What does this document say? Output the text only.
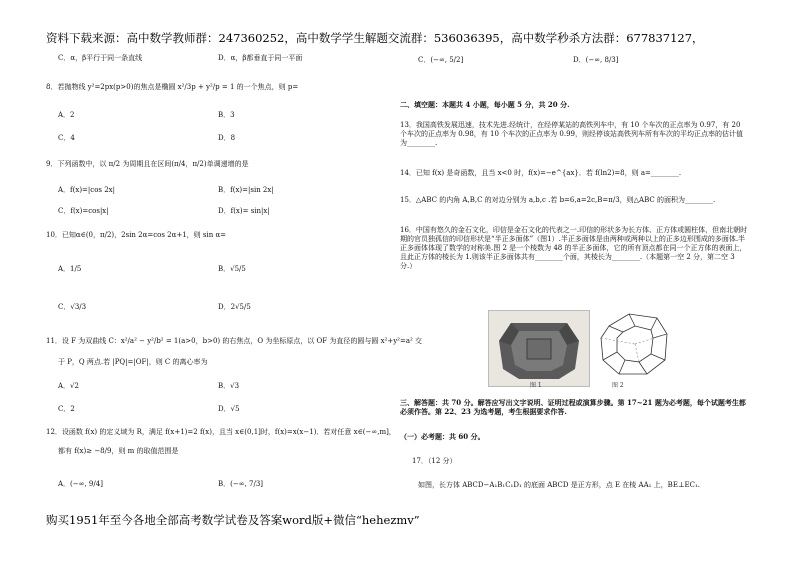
资料下载来源：高中数学教师群：247360252，高中数学学生解题交流群：536036395，高中数学秒杀方法群：677837127，
C．α，β平行于同一条直线	D．α，β都垂直于同一平面
8．若抛物线 y²=2px(p>0)的焦点是椭圆 x²/3p + y²/p = 1 的一个焦点，则 p=
A．2	B．3
C．4	D．8
9．下列函数中，以 π/2 为周期且在区间(π/4，π/2)单调递增的是
A．f(x)=|cos 2x|	B．f(x)=|sin 2x|
C．f(x)=cos|x|	D．f(x)= sin|x|
10．已知α∈(0，π/2)，2sin 2α=cos 2α+1，则 sin α=
A．1/5	B．√5/5
C．√3/3	D．2√5/5
11．设 F 为双曲线 C：x²/a² − y²/b² = 1(a>0，b>0) 的右焦点，O 为坐标原点，以 OF 为直径的圆与圆 x²+y²=a² 交
于 P，Q 两点.若 |PQ|=|OF|，则 C 的离心率为
A．√2	B．√3
C．2	D．√5
12．设函数 f(x) 的定义域为 R，满足 f(x+1)=2 f(x)，且当 x∈(0,1]时，f(x)=x(x−1)．若对任意 x∈(−∞,m]，
都有 f(x)≥ −8/9，则 m 的取值范围是
A．(−∞, 9/4]	B．(−∞, 7/3]
购买1951年至今各地全部高考数学试卷及答案word版+微信“hehezmv”
C．(−∞, 5/2]	D．(−∞, 8/3]
二、填空题：本题共 4 小题，每小题 5 分，共 20 分.
13．我国高铁发展迅速，技术先进.经统计，在经停某站的高铁列车中，有 10 个车次的正点率为 0.97，有 20 个车次的正点率为 0.98，有 10 个车次的正点率为 0.99，则经停该站高铁列车所有车次的平均正点率的估计值为________.
14．已知 f(x) 是奇函数，且当 x<0 时，f(x)=−e^{ax}．若 f(ln2)=8，则 a=________.
15．△ABC 的内角 A,B,C 的对边分别为 a,b,c .若 b=6,a=2c,B=π/3，则△ABC 的面积为________.
16．中国有悠久的金石文化，印信是金石文化的代表之一.印信的形状多为长方体、正方体或圆柱体，但南北朝时期的官员独孤信的印信形状是“半正多面体”（图1）.半正多面体是由两种或两种以上的正多边形围成的多面体.半正多面体体现了数学的对称美.图 2 是一个棱数为 48 的半正多面体，它的所有顶点都在同一个正方体的表面上，且此正方体的棱长为 1.则该半正多面体共有________个面，其棱长为________.（本题第一空 2 分，第二空 3 分.）
图 1	图 2
三、解答题：共 70 分。解答应写出文字说明、证明过程或演算步骤。第 17~21 题为必考题，每个试题考生都必须作答。第 22、23 为选考题，考生根据要求作答.
（一）必考题：共 60 分。
17．（12 分）
如图，长方体 ABCD−A₁B₁C₁D₁ 的底面 ABCD 是正方形，点 E 在棱 AA₁ 上，BE⊥EC₁.
